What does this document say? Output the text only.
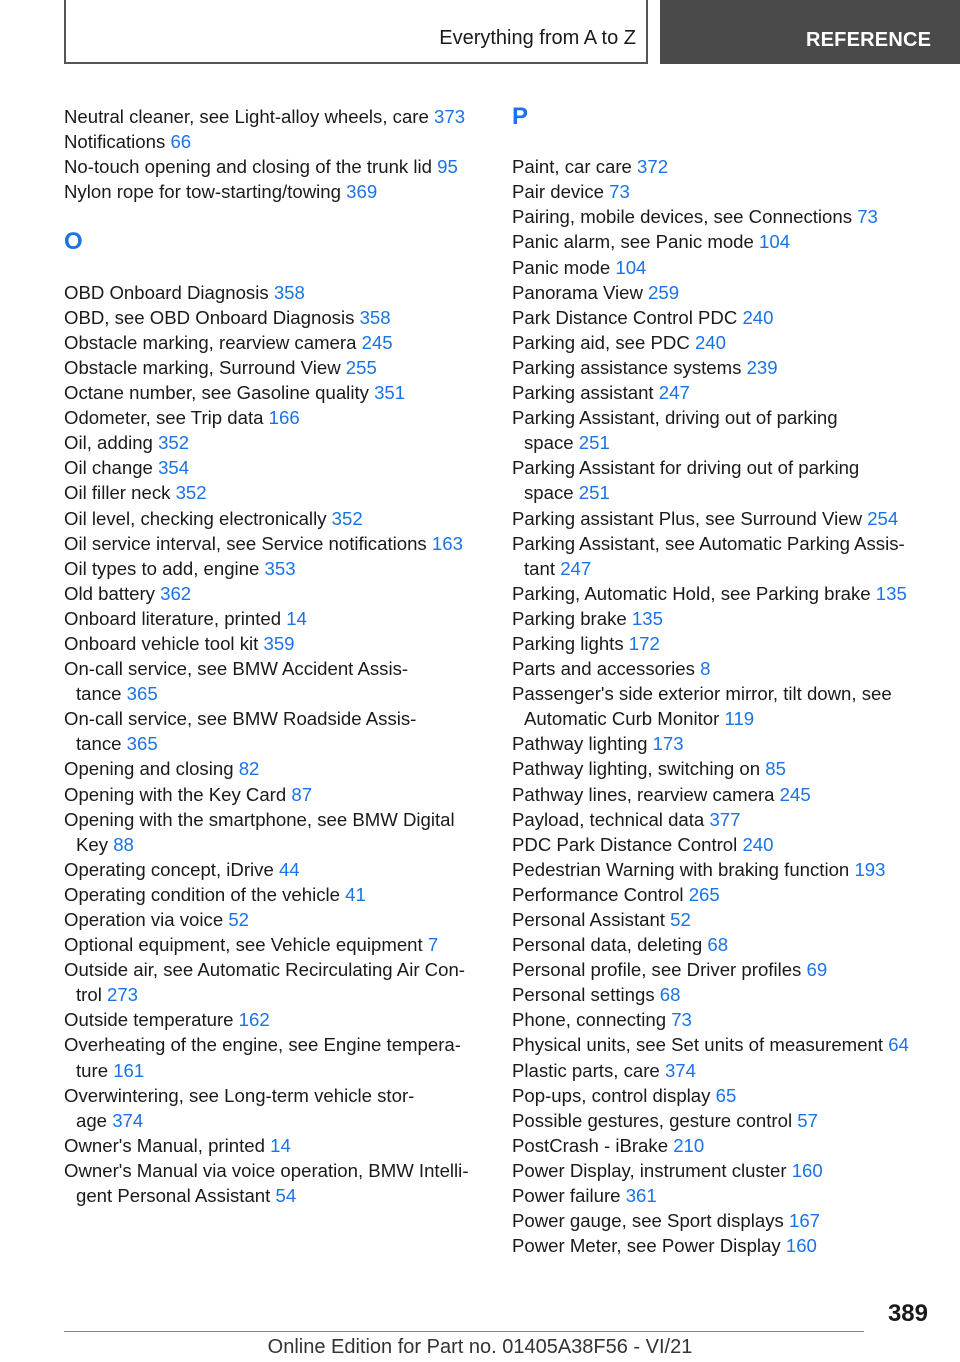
Everything from A to Z	REFERENCE
Neutral cleaner, see Light-alloy wheels, care 373
Notifications 66
No-touch opening and closing of the trunk lid 95
Nylon rope for tow-starting/towing 369
O
OBD Onboard Diagnosis 358
OBD, see OBD Onboard Diagnosis 358
Obstacle marking, rearview camera 245
Obstacle marking, Surround View 255
Octane number, see Gasoline quality 351
Odometer, see Trip data 166
Oil, adding 352
Oil change 354
Oil filler neck 352
Oil level, checking electronically 352
Oil service interval, see Service notifications 163
Oil types to add, engine 353
Old battery 362
Onboard literature, printed 14
Onboard vehicle tool kit 359
On-call service, see BMW Accident Assis-
tance 365
On-call service, see BMW Roadside Assis-
tance 365
Opening and closing 82
Opening with the Key Card 87
Opening with the smartphone, see BMW Digital
Key 88
Operating concept, iDrive 44
Operating condition of the vehicle 41
Operation via voice 52
Optional equipment, see Vehicle equipment 7
Outside air, see Automatic Recirculating Air Con-
trol 273
Outside temperature 162
Overheating of the engine, see Engine tempera-
ture 161
Overwintering, see Long-term vehicle stor-
age 374
Owner's Manual, printed 14
Owner's Manual via voice operation, BMW Intelli-
gent Personal Assistant 54
P
Paint, car care 372
Pair device 73
Pairing, mobile devices, see Connections 73
Panic alarm, see Panic mode 104
Panic mode 104
Panorama View 259
Park Distance Control PDC 240
Parking aid, see PDC 240
Parking assistance systems 239
Parking assistant 247
Parking Assistant, driving out of parking
space 251
Parking Assistant for driving out of parking
space 251
Parking assistant Plus, see Surround View 254
Parking Assistant, see Automatic Parking Assis-
tant 247
Parking, Automatic Hold, see Parking brake 135
Parking brake 135
Parking lights 172
Parts and accessories 8
Passenger's side exterior mirror, tilt down, see
Automatic Curb Monitor 119
Pathway lighting 173
Pathway lighting, switching on 85
Pathway lines, rearview camera 245
Payload, technical data 377
PDC Park Distance Control 240
Pedestrian Warning with braking function 193
Performance Control 265
Personal Assistant 52
Personal data, deleting 68
Personal profile, see Driver profiles 69
Personal settings 68
Phone, connecting 73
Physical units, see Set units of measurement 64
Plastic parts, care 374
Pop-ups, control display 65
Possible gestures, gesture control 57
PostCrash - iBrake 210
Power Display, instrument cluster 160
Power failure 361
Power gauge, see Sport displays 167
Power Meter, see Power Display 160
389
Online Edition for Part no. 01405A38F56 - VI/21
